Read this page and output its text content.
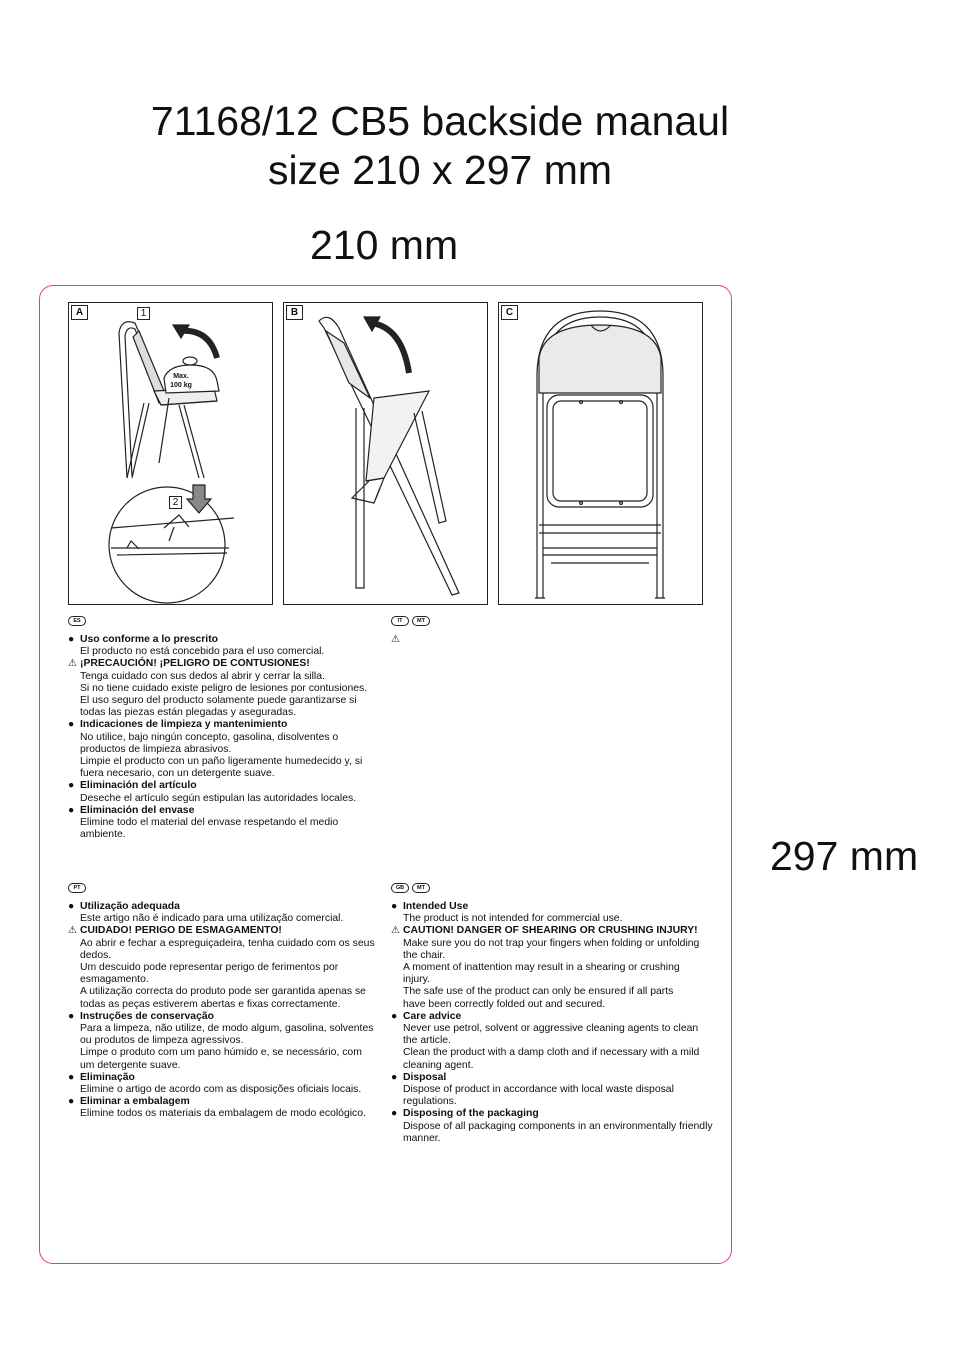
71168/12 CB5 backside manaul
size 210 x 297 mm
210 mm
297 mm
A	1
2
Max.
100 kg
B	C
ES
● Uso conforme a lo prescrito
El producto no está concebido para el uso comercial.
⚠ ¡PRECAUCIÓN! ¡PELIGRO DE CONTUSIONES!
Tenga cuidado con sus dedos al abrir y cerrar la silla.
Si no tiene cuidado existe peligro de lesiones por contusiones.
El uso seguro del producto solamente puede garantizarse si
todas las piezas están plegadas y aseguradas.
● Indicaciones de limpieza y mantenimiento
No utilice, bajo ningún concepto, gasolina, disolventes o
productos de limpieza abrasivos.
Limpie el producto con un paño ligeramente humedecido y, si
fuera necesario, con un detergente suave.
● Eliminación del artículo
Deseche el artículo según estipulan las autoridades locales.
● Eliminación del envase
Elimine todo el material del envase respetando el medio
ambiente.
IT	MT
⚠
PT
● Utilização adequada
Este artigo não é indicado para uma utilização comercial.
⚠ CUIDADO! PERIGO DE ESMAGAMENTO!
Ao abrir e fechar a espreguiçadeira, tenha cuidado com os seus
dedos.
Um descuido pode representar perigo de ferimentos por
esmagamento.
A utilização correcta do produto pode ser garantida apenas se
todas as peças estiverem abertas e fixas correctamente.
● Instruções de conservação
Para a limpeza, não utilize, de modo algum, gasolina, solventes
ou produtos de limpeza agressivos.
Limpe o produto com um pano húmido e, se necessário, com
um detergente suave.
● Eliminação
Elimine o artigo de acordo com as disposições oficiais locais.
● Eliminar a embalagem
Elimine todos os materiais da embalagem de modo ecológico.
GB	MT
● Intended Use
The product is not intended for commercial use.
⚠ CAUTION! DANGER OF SHEARING OR CRUSHING INJURY!
Make sure you do not trap your fingers when folding or unfolding
the chair.
A moment of inattention may result in a shearing or crushing
injury.
The safe use of the product can only be ensured if all parts
have been correctly folded out and secured.
● Care advice
Never use petrol, solvent or aggressive cleaning agents to clean
the article.
Clean the product with a damp cloth and if necessary with a mild
cleaning agent.
● Disposal
Dispose of product in accordance with local waste disposal
regulations.
● Disposing of the packaging
Dispose of all packaging components in an environmentally friendly
manner.
